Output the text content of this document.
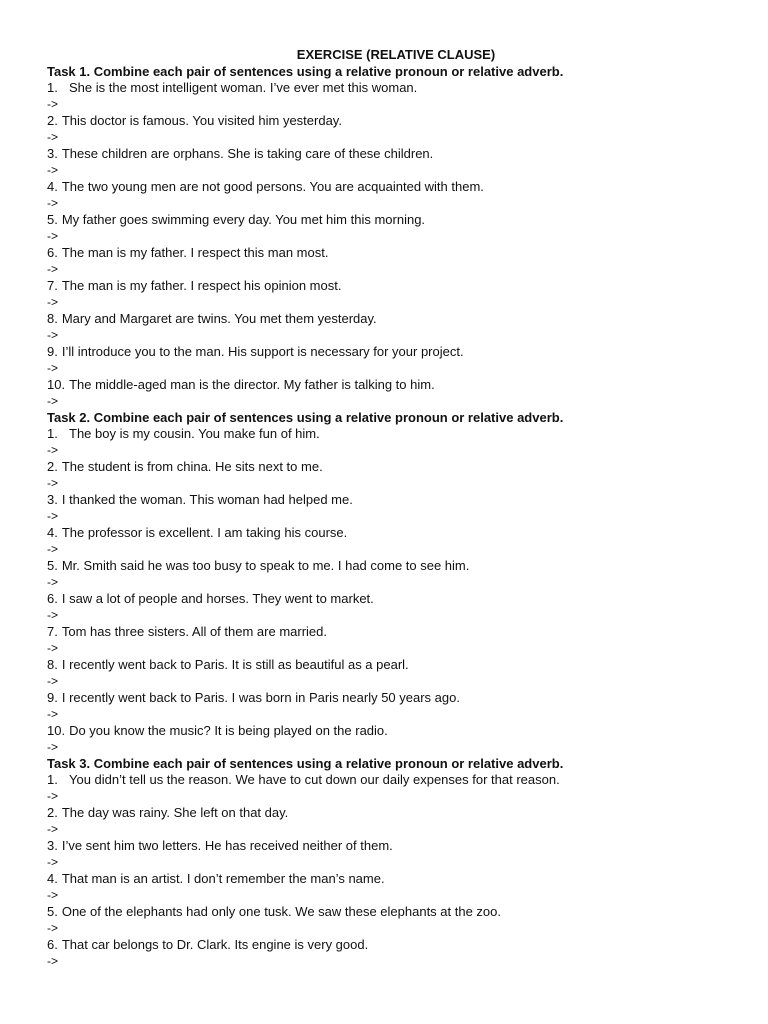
EXERCISE (RELATIVE CLAUSE)
Task 1. Combine each pair of sentences using a relative pronoun or relative adverb.
1. She is the most intelligent woman. I’ve ever met this woman.
->
2. This doctor is famous. You visited him yesterday.
->
3. These children are orphans. She is taking care of these children.
->
4. The two young men are not good persons. You are acquainted with them.
->
5. My father goes swimming every day. You met him this morning.
->
6. The man is my father. I respect this man most.
->
7. The man is my father. I respect his opinion most.
->
8. Mary and Margaret are twins. You met them yesterday.
->
9. I’ll introduce you to the man. His support is necessary for your project.
->
10. The middle-aged man is the director. My father is talking to him.
->
Task 2. Combine each pair of sentences using a relative pronoun or relative adverb.
1. The boy is my cousin. You make fun of him.
->
2. The student is from china. He sits next to me.
->
3. I thanked the woman. This woman had helped me.
->
4. The professor is excellent. I am taking his course.
->
5. Mr. Smith said he was too busy to speak to me. I had come to see him.
->
6. I saw a lot of people and horses. They went to market.
->
7. Tom has three sisters. All of them are married.
->
8. I recently went back to Paris. It is still as beautiful as a pearl.
->
9. I recently went back to Paris. I was born in Paris nearly 50 years ago.
->
10. Do you know the music? It is being played on the radio.
->
Task 3. Combine each pair of sentences using a relative pronoun or relative adverb.
1. You didn’t tell us the reason. We have to cut down our daily expenses for that reason.
->
2. The day was rainy. She left on that day.
->
3. I’ve sent him two letters. He has received neither of them.
->
4. That man is an artist. I don’t remember the man’s name.
->
5. One of the elephants had only one tusk. We saw these elephants at the zoo.
->
6. That car belongs to Dr. Clark. Its engine is very good.
->
